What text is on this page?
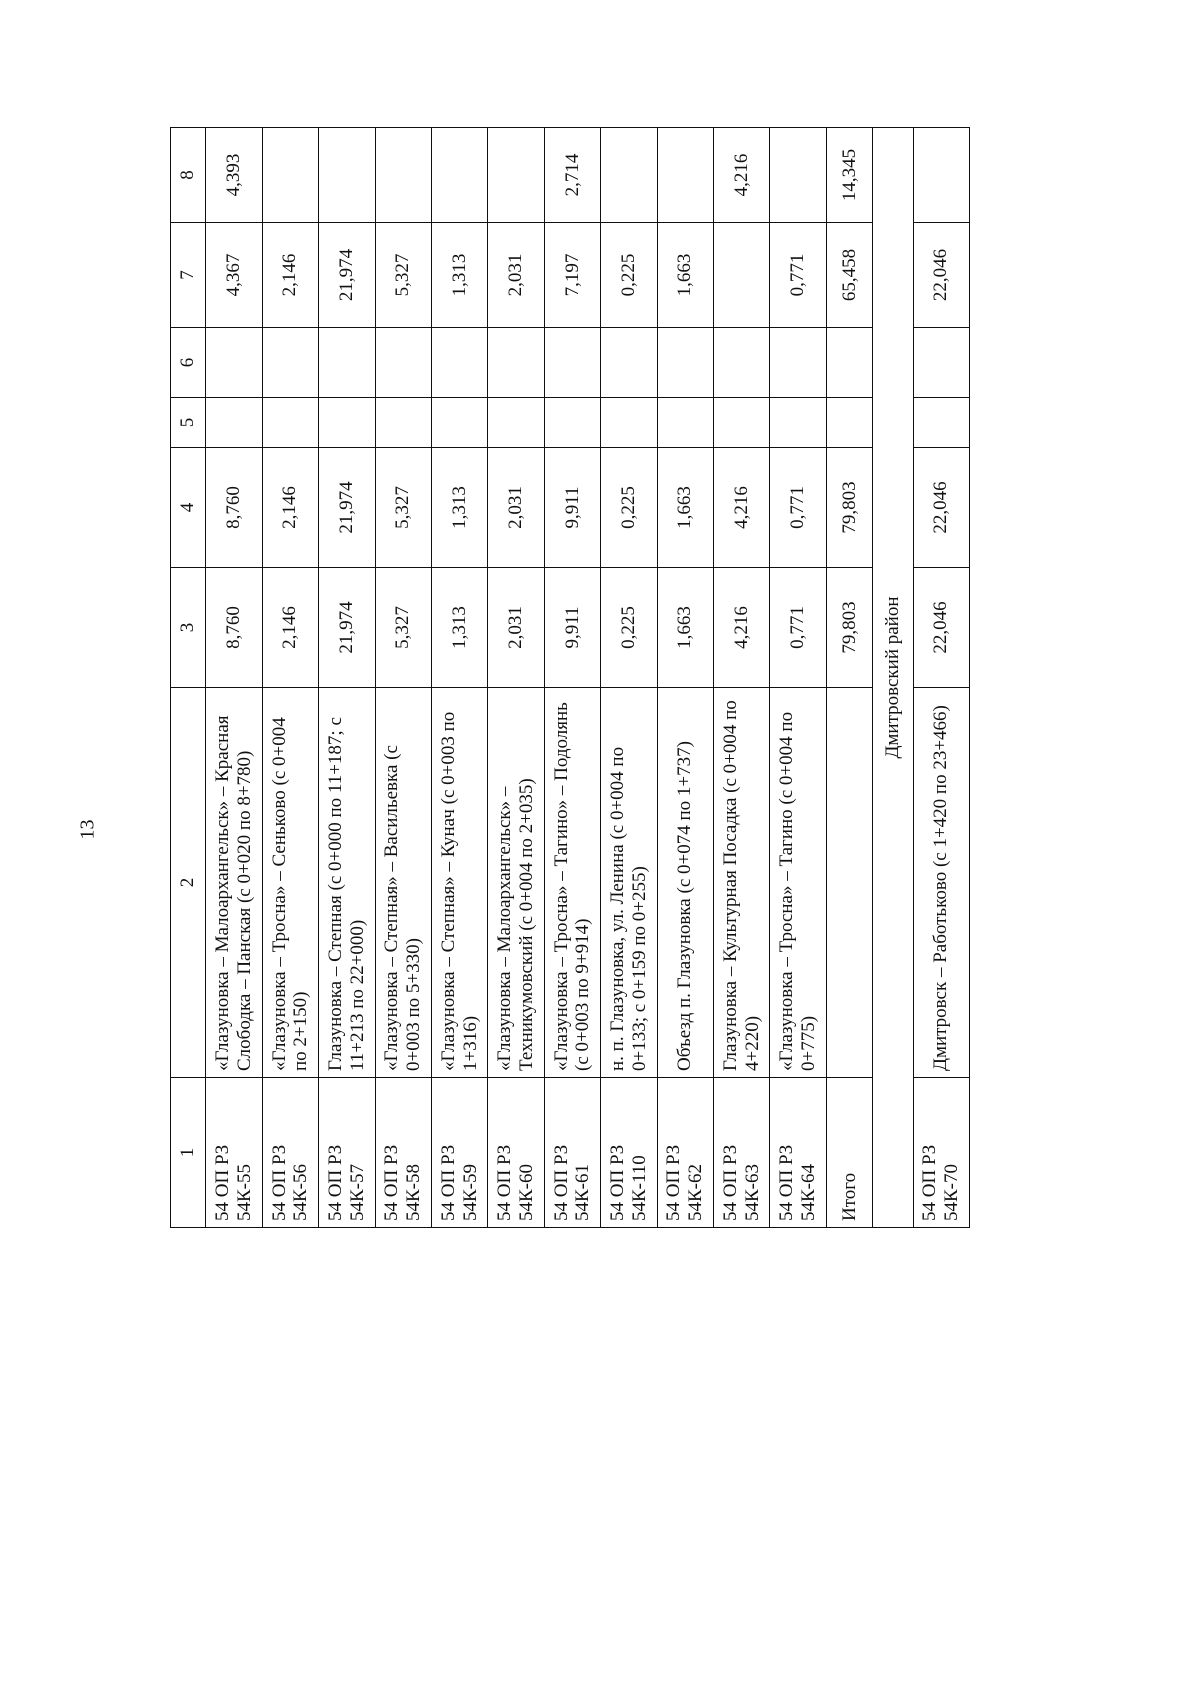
13
1	2	3	4	5	6	7	8
54 ОП РЗ 54К-55	«Глазуновка – Малоархангельск» – Красная Слободка – Панская (с 0+020 по 8+780)	8,760	8,760			4,367	4,393
54 ОП РЗ 54К-56	«Глазуновка – Тросна» – Сеньково (с 0+004 по 2+150)	2,146	2,146			2,146	
54 ОП РЗ 54К-57	Глазуновка – Степная (с 0+000 по 11+187; с 11+213 по 22+000)	21,974	21,974			21,974	
54 ОП РЗ 54К-58	«Глазуновка – Степная» – Васильевка (с 0+003 по 5+330)	5,327	5,327			5,327	
54 ОП РЗ 54К-59	«Глазуновка – Степная» – Кунач (с 0+003 по 1+316)	1,313	1,313			1,313	
54 ОП РЗ 54К-60	«Глазуновка – Малоархангельск» – Техникумовский (с 0+004 по 2+035)	2,031	2,031			2,031	
54 ОП РЗ 54К-61	«Глазуновка – Тросна» – Тагино» – Подолянь (с 0+003 по 9+914)	9,911	9,911			7,197	2,714
54 ОП РЗ 54К-110	н. п. Глазуновка, ул. Ленина (с 0+004 по 0+133; с 0+159 по 0+255)	0,225	0,225			0,225	
54 ОП РЗ 54К-62	Объезд п. Глазуновка (с 0+074 по 1+737)	1,663	1,663			1,663	
54 ОП РЗ 54К-63	Глазуновка – Культурная Посадка (с 0+004 по 4+220)	4,216	4,216				4,216
54 ОП РЗ 54К-64	«Глазуновка – Тросна» – Тагино (с 0+004 по 0+775)	0,771	0,771			0,771	
Итого		79,803	79,803			65,458	14,345
Дмитровский район							
54 ОП РЗ 54К-70	Дмитровск – Работьково (с 1+420 по 23+466)	22,046	22,046			22,046	
